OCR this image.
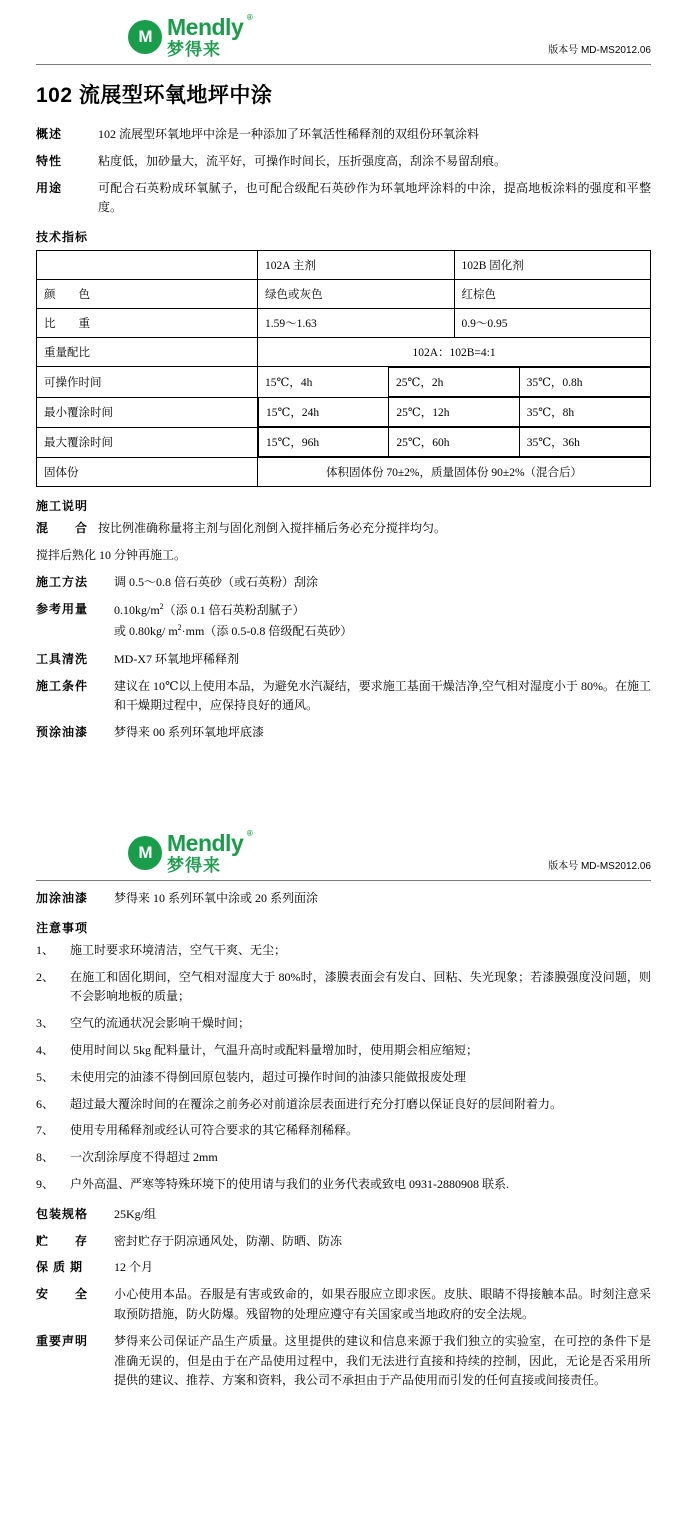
M Mendly ®
梦得来	版本号 MD-MS2012.06
102 流展型环氧地坪中涂
概述	102 流展型环氧地坪中涂是一种添加了环氧活性稀释剂的双组份环氧涂料
特性	粘度低，加砂量大，流平好，可操作时间长，压折强度高，刮涂不易留刮痕。
用途	可配合石英粉成环氧腻子，也可配合级配石英砂作为环氧地坪涂料的中涂，提高地板涂料的强度和平整度。
技术指标
	102A 主剂	102B 固化剂
颜　　色	绿色或灰色	红棕色
比　　重	1.59～1.63	0.9～0.95
重量配比	102A：102B=4:1
可操作时间		15℃，4h	25℃，2h	35℃，0.8h

最小覆涂时间		15℃，24h	25℃，12h	35℃，8h

最大覆涂时间		15℃，96h	25℃，60h	35℃，36h

固体份	体积固体份 70±2%，质量固体份 90±2%（混合后）
施工说明
混　　合 按比例准确称量将主剂与固化剂倒入搅拌桶后务必充分搅拌均匀。
搅拌后熟化 10 分钟再施工。
施工方法	调 0.5～0.8 倍石英砂（或石英粉）刮涂
参考用量	$0.10kg/m^2$（添 0.1 倍石英粉刮腻子）
或 0.80kg/ $m^2\cdot mm$（添 0.5-0.8 倍级配石英砂）
工具清洗	MD-X7 环氧地坪稀释剂
施工条件	建议在 10℃以上使用本品，为避免水汽凝结，要求施工基面干燥洁净,空气相对湿度小于 80%。在施工和干燥期过程中，应保持良好的通风。
预涂油漆	梦得来 00 系列环氧地坪底漆
M Mendly ®
梦得来	版本号 MD-MS2012.06
加涂油漆	梦得来 10 系列环氧中涂或 20 系列面涂
注意事项
1、	施工时要求环境清洁，空气干爽、无尘；
2、	在施工和固化期间，空气相对湿度大于 80%时，漆膜表面会有发白、回粘、失光现象；若漆膜强度没问题，则不会影响地板的质量；
3、	空气的流通状况会影响干燥时间；
4、	使用时间以 5kg 配料量计，气温升高时或配料量增加时，使用期会相应缩短；
5、	未使用完的油漆不得倒回原包装内，超过可操作时间的油漆只能做报废处理
6、	超过最大覆涂时间的在覆涂之前务必对前道涂层表面进行充分打磨以保证良好的层间附着力。
7、	使用专用稀释剂或经认可符合要求的其它稀释剂稀释。
8、	一次刮涂厚度不得超过 2mm
9、	户外高温、严寒等特殊环境下的使用请与我们的业务代表或致电 0931-2880908 联系.
包装规格	25Kg/组
贮　　存	密封贮存于阴凉通风处，防潮、防晒、防冻
保 质 期	12 个月
安　　全	小心使用本品。吞服是有害或致命的，如果吞服应立即求医。皮肤、眼睛不得接触本品。时刻注意采取预防措施，防火防爆。残留物的处理应遵守有关国家或当地政府的安全法规。
重要声明	梦得来公司保证产品生产质量。这里提供的建议和信息来源于我们独立的实验室，在可控的条件下是准确无误的，但是由于在产品使用过程中，我们无法进行直接和持续的控制，因此，无论是否采用所提供的建议、推荐、方案和资料，我公司不承担由于产品使用而引发的任何直接或间接责任。
